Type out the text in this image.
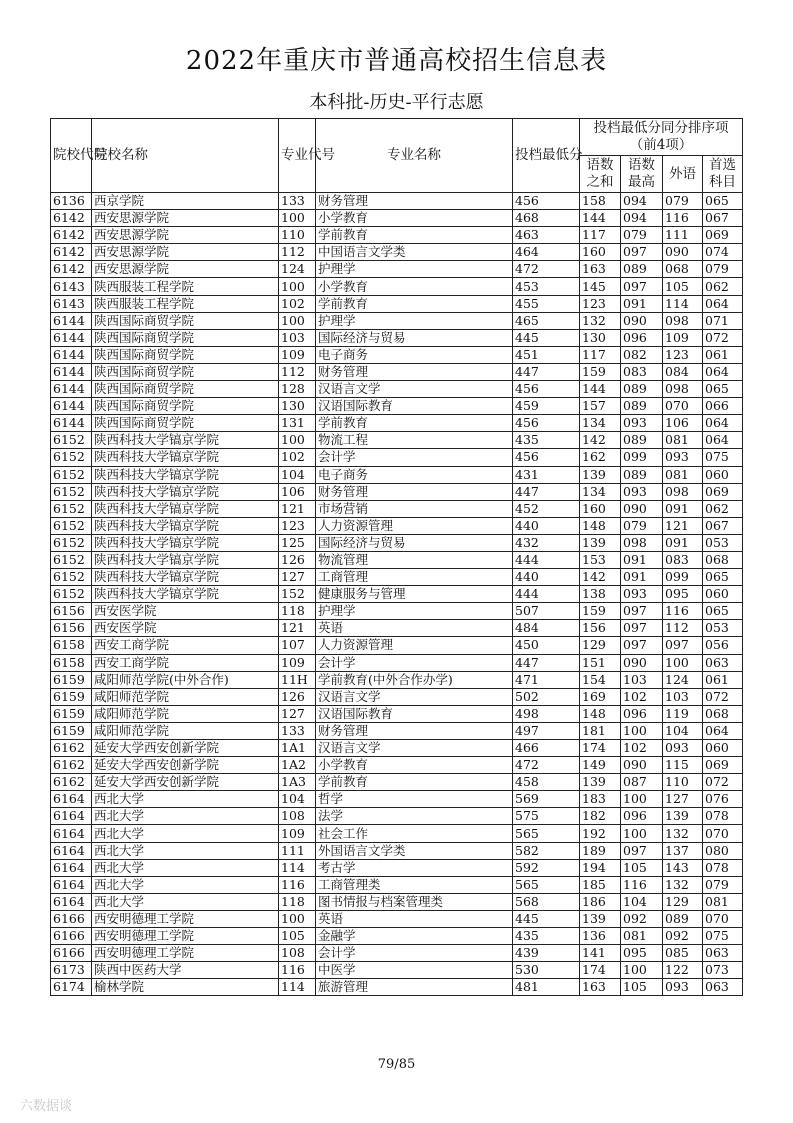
2022年重庆市普通高校招生信息表
本科批-历史-平行志愿
院校代号	院校名称	专业代号	专业名称	投档最低分	投档最低分同分排序项（前4项）			
					语数之和	语数最高	外语	首选科目
6136	西京学院	133	财务管理	456	158	094	079	065
6142	西安思源学院	100	小学教育	468	144	094	116	067
6142	西安思源学院	110	学前教育	463	117	079	111	069
6142	西安思源学院	112	中国语言文学类	464	160	097	090	074
6142	西安思源学院	124	护理学	472	163	089	068	079
6143	陕西服装工程学院	100	小学教育	453	145	097	105	062
6143	陕西服装工程学院	102	学前教育	455	123	091	114	064
6144	陕西国际商贸学院	100	护理学	465	132	090	098	071
6144	陕西国际商贸学院	103	国际经济与贸易	445	130	096	109	072
6144	陕西国际商贸学院	109	电子商务	451	117	082	123	061
6144	陕西国际商贸学院	112	财务管理	447	159	083	084	064
6144	陕西国际商贸学院	128	汉语言文学	456	144	089	098	065
6144	陕西国际商贸学院	130	汉语国际教育	459	157	089	070	066
6144	陕西国际商贸学院	131	学前教育	456	134	093	106	064
6152	陕西科技大学镐京学院	100	物流工程	435	142	089	081	064
6152	陕西科技大学镐京学院	102	会计学	456	162	099	093	075
6152	陕西科技大学镐京学院	104	电子商务	431	139	089	081	060
6152	陕西科技大学镐京学院	106	财务管理	447	134	093	098	069
6152	陕西科技大学镐京学院	121	市场营销	452	160	090	091	062
6152	陕西科技大学镐京学院	123	人力资源管理	440	148	079	121	067
6152	陕西科技大学镐京学院	125	国际经济与贸易	432	139	098	091	053
6152	陕西科技大学镐京学院	126	物流管理	444	153	091	083	068
6152	陕西科技大学镐京学院	127	工商管理	440	142	091	099	065
6152	陕西科技大学镐京学院	152	健康服务与管理	444	138	093	095	060
6156	西安医学院	118	护理学	507	159	097	116	065
6156	西安医学院	121	英语	484	156	097	112	053
6158	西安工商学院	107	人力资源管理	450	129	097	097	056
6158	西安工商学院	109	会计学	447	151	090	100	063
6159	咸阳师范学院(中外合作)	11H	学前教育(中外合作办学)	471	154	103	124	061
6159	咸阳师范学院	126	汉语言文学	502	169	102	103	072
6159	咸阳师范学院	127	汉语国际教育	498	148	096	119	068
6159	咸阳师范学院	133	财务管理	497	181	100	104	064
6162	延安大学西安创新学院	1A1	汉语言文学	466	174	102	093	060
6162	延安大学西安创新学院	1A2	小学教育	472	149	090	115	069
6162	延安大学西安创新学院	1A3	学前教育	458	139	087	110	072
6164	西北大学	104	哲学	569	183	100	127	076
6164	西北大学	108	法学	575	182	096	139	078
6164	西北大学	109	社会工作	565	192	100	132	070
6164	西北大学	111	外国语言文学类	582	189	097	137	080
6164	西北大学	114	考古学	592	194	105	143	078
6164	西北大学	116	工商管理类	565	185	116	132	079
6164	西北大学	118	图书情报与档案管理类	568	186	104	129	081
6166	西安明德理工学院	100	英语	445	139	092	089	070
6166	西安明德理工学院	105	金融学	435	136	081	092	075
6166	西安明德理工学院	108	会计学	439	141	095	085	063
6173	陕西中医药大学	116	中医学	530	174	100	122	073
6174	榆林学院	114	旅游管理	481	163	105	093	063
79/85
六数据谈
